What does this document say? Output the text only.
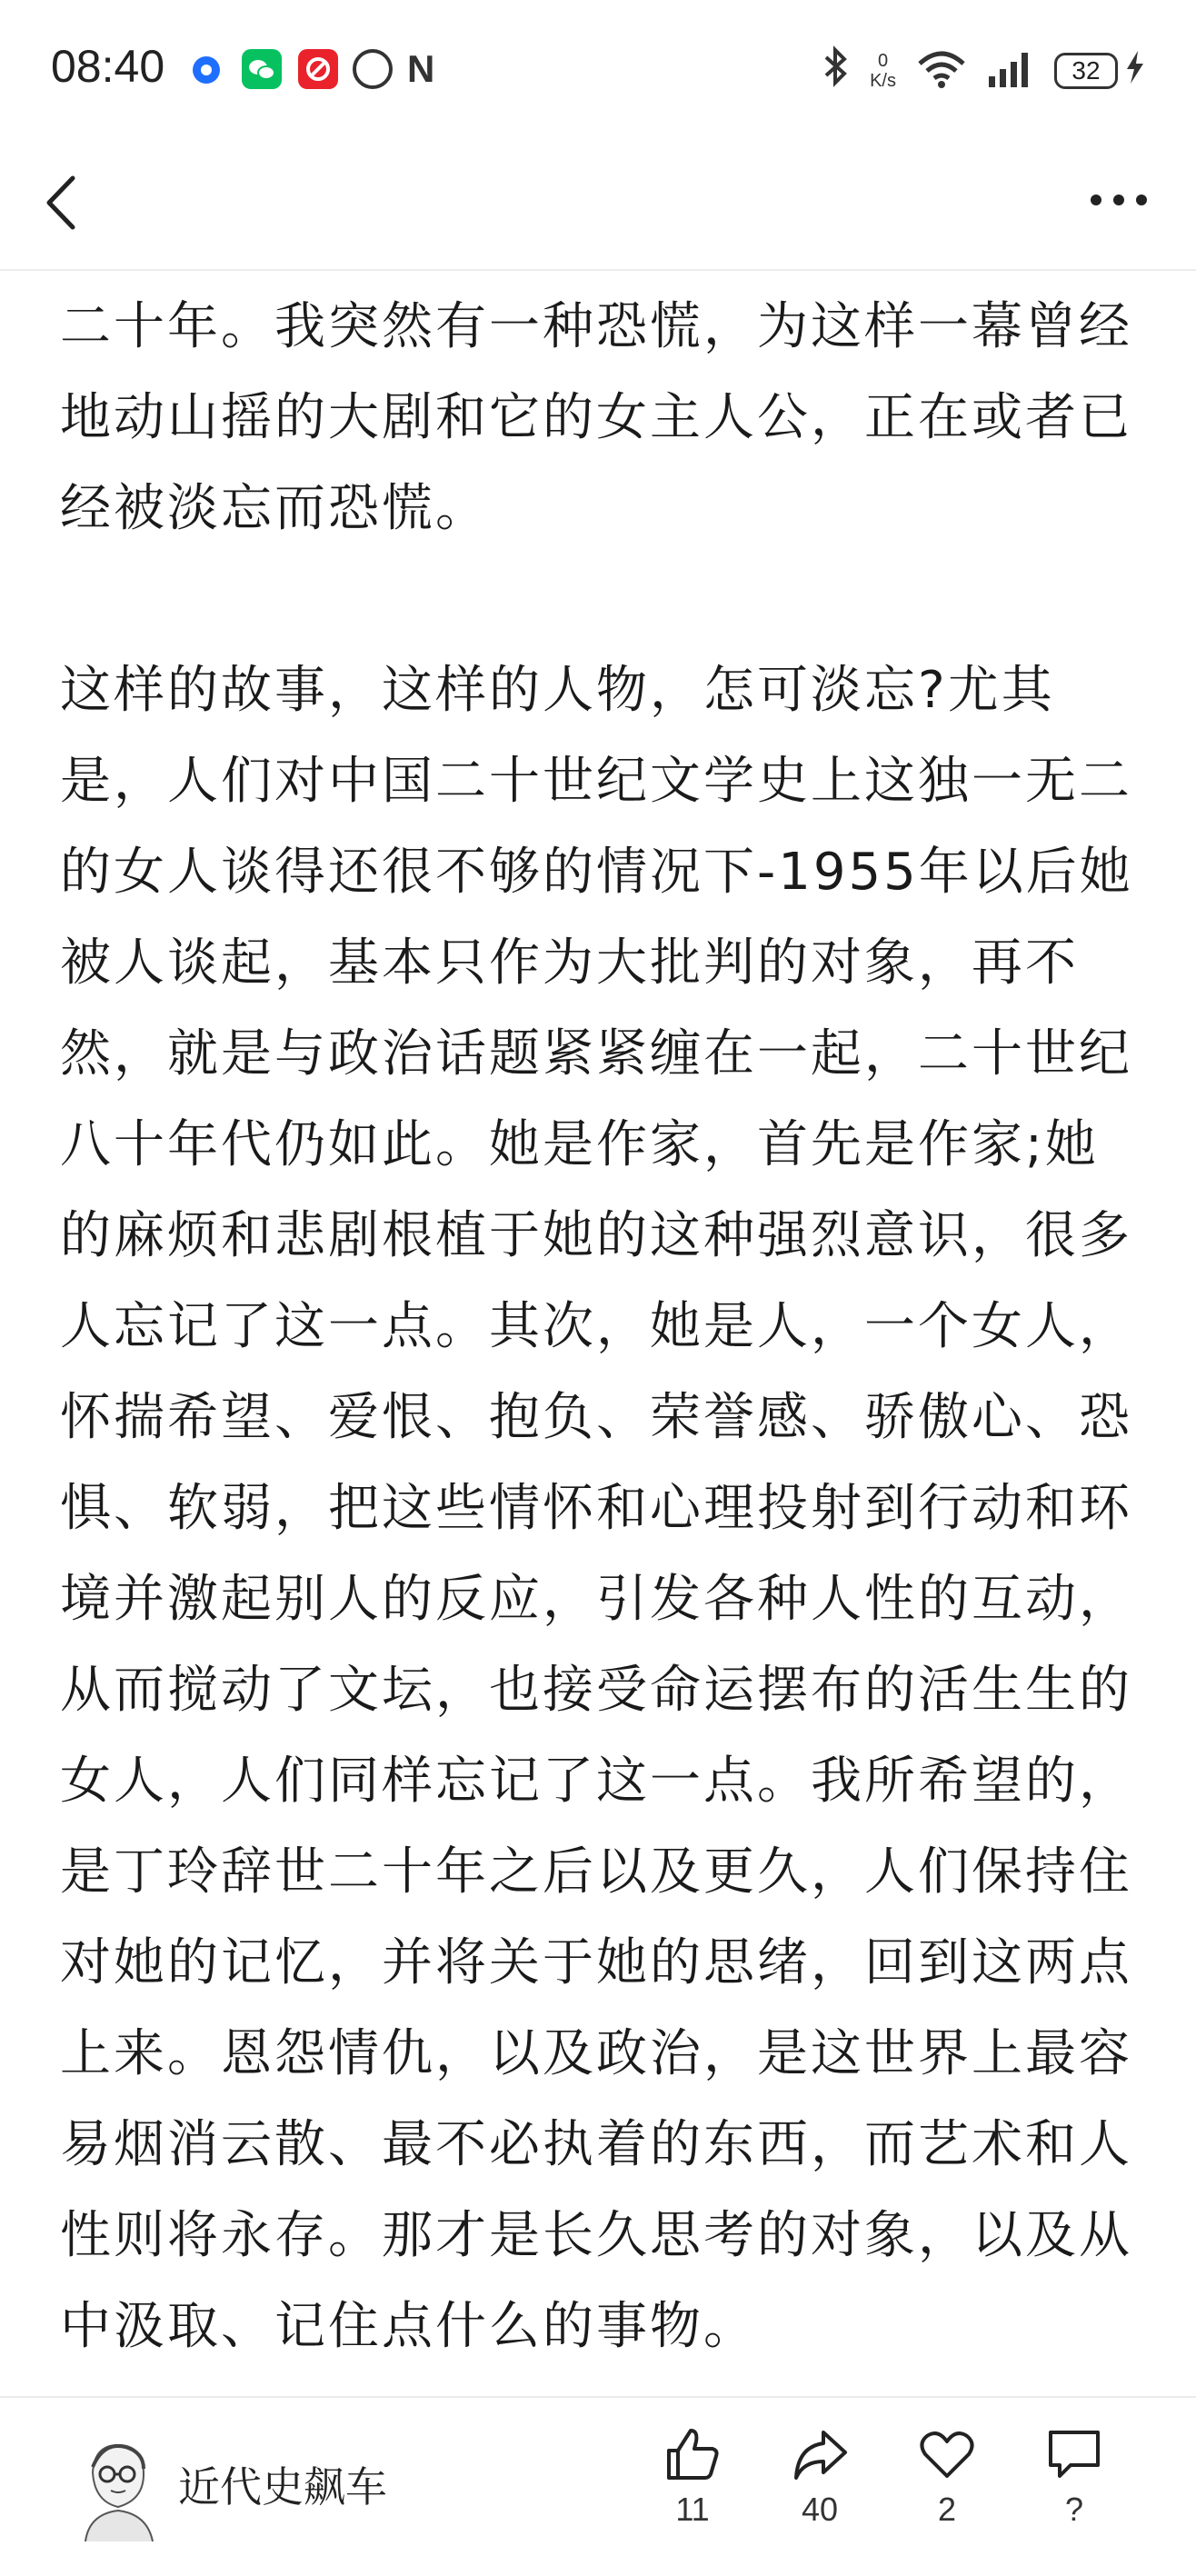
08:40	N	0
K/s	32

二十年。我突然有一种恐慌，为这样一幕曾经地动山摇的大剧和它的女主人公，正在或者已经被淡忘而恐慌。

这样的故事，这样的人物，怎可淡忘?尤其是，人们对中国二十世纪文学史上这独一无二的女人谈得还很不够的情况下-1955年以后她被人谈起，基本只作为大批判的对象，再不然，就是与政治话题紧紧缠在一起，二十世纪八十年代仍如此。她是作家，首先是作家;她的麻烦和悲剧根植于她的这种强烈意识，很多人忘记了这一点。其次，她是人，一个女人，怀揣希望、爱恨、抱负、荣誉感、骄傲心、恐惧、软弱，把这些情怀和心理投射到行动和环境并激起别人的反应，引发各种人性的互动，从而搅动了文坛，也接受命运摆布的活生生的女人，人们同样忘记了这一点。我所希望的，是丁玲辞世二十年之后以及更久，人们保持住对她的记忆，并将关于她的思绪，回到这两点上来。恩怨情仇，以及政治，是这世界上最容易烟消云散、最不必执着的东西，而艺术和人性则将永存。那才是长久思考的对象，以及从中汲取、记住点什么的事物。

近代史飙车	11	40	2	?
